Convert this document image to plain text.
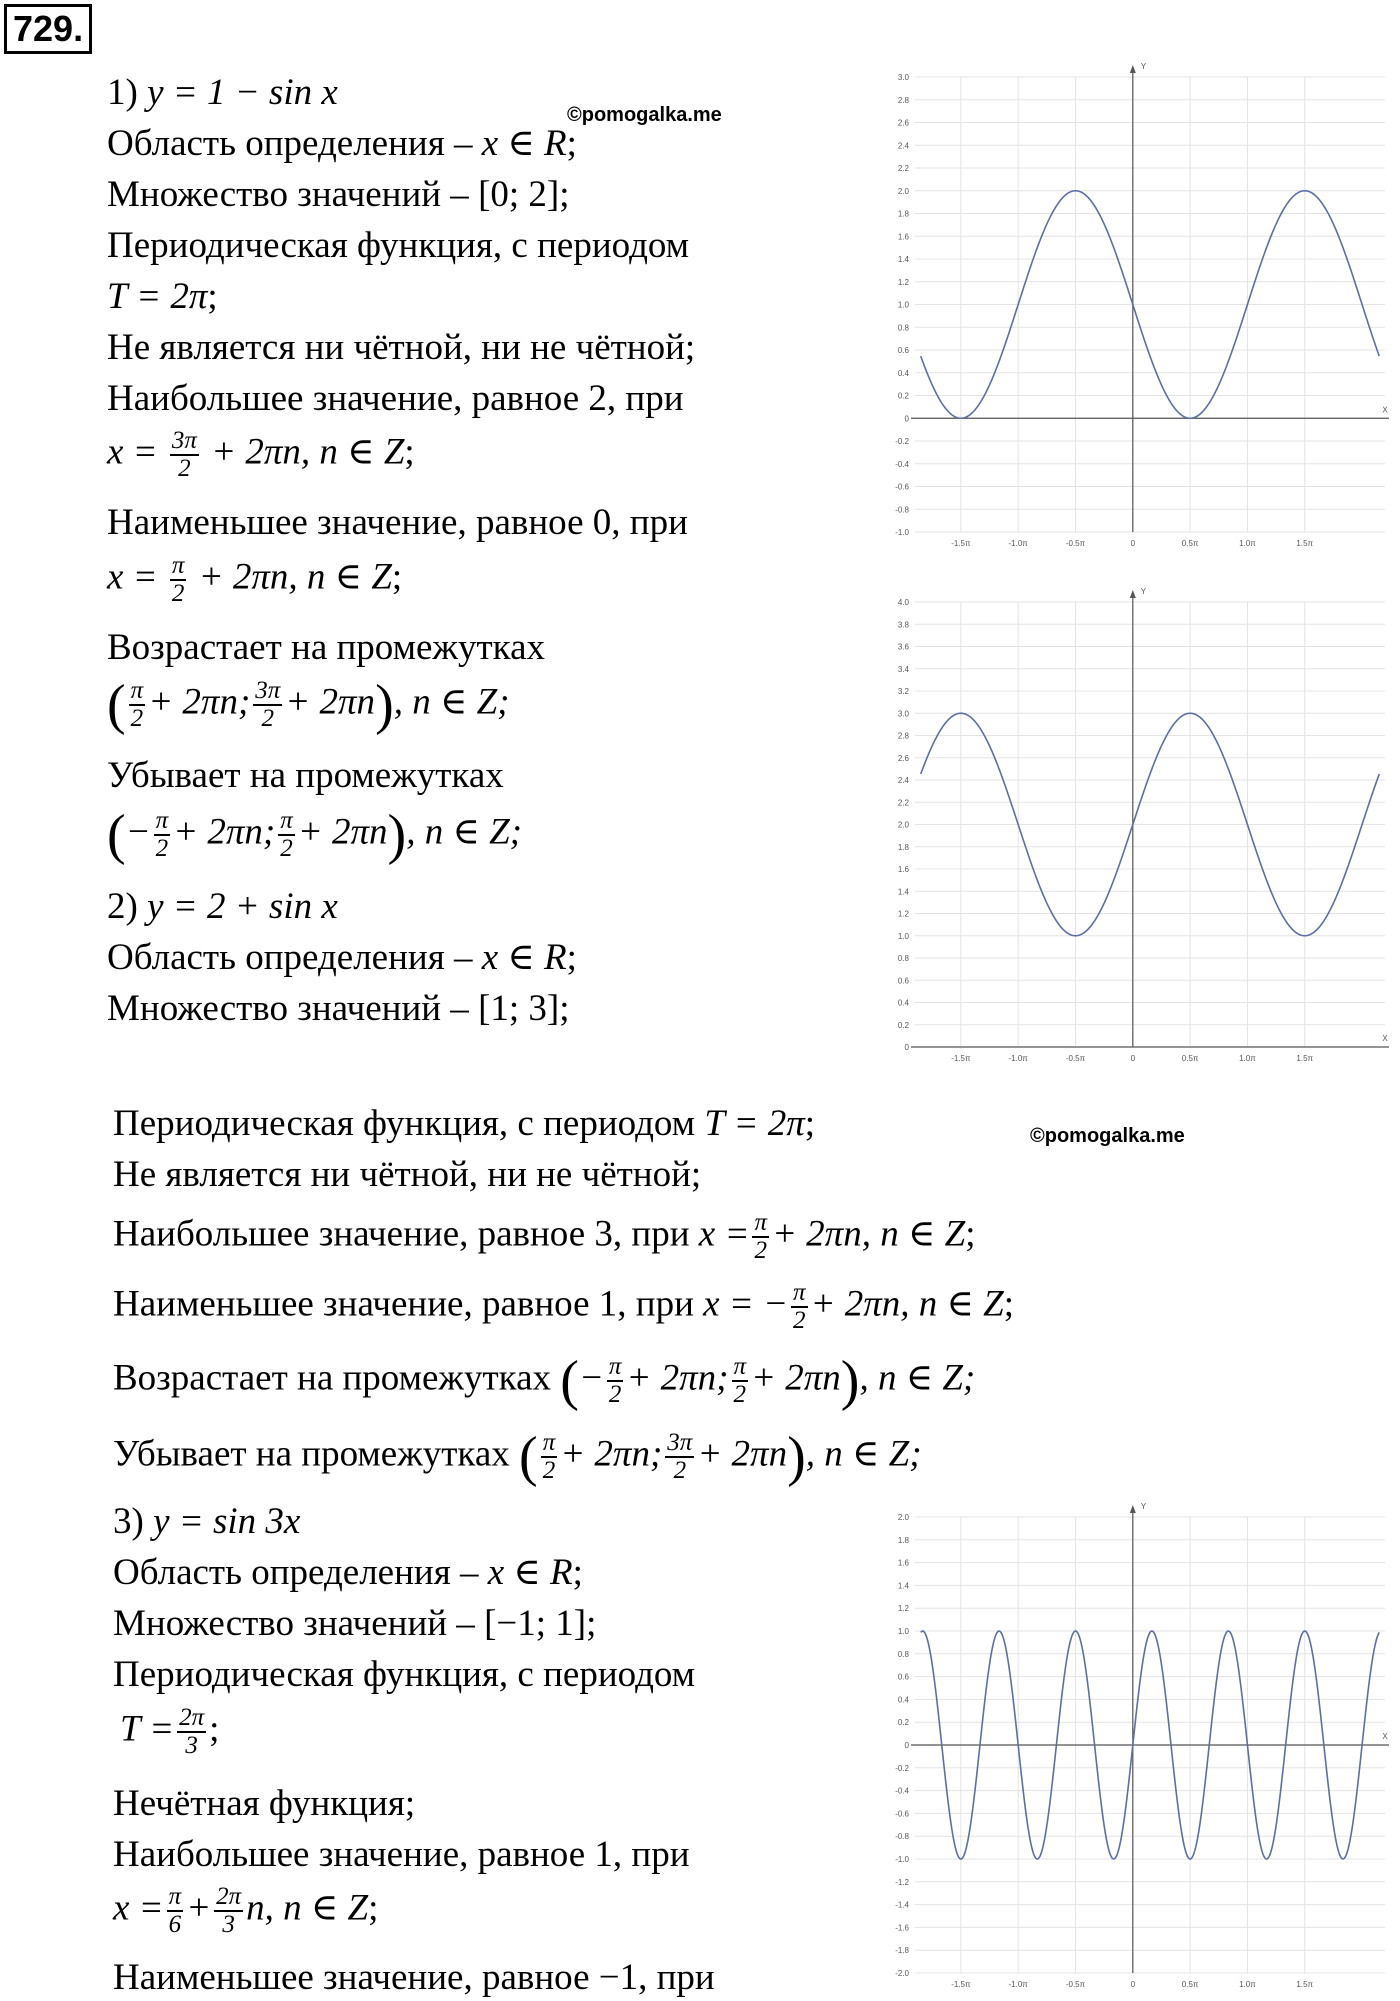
729.
©pomogalka.me
©pomogalka.me
1) y = 1 − sin x
Область определения – x ∈ R;
Множество значений – [0; 2];
Периодическая функция, с периодом
T = 2π;
Не является ни чётной, ни не чётной;
Наибольшее значение, равное 2, при
$x = \frac{3\pi}{2} + 2\pi n$, n ∈ Z;
Наименьшее значение, равное 0, при
$x = \frac{\pi}{2} + 2\pi n$, n ∈ Z;
Возрастает на промежутках
( $\frac{\pi}{2} + 2\pi n$; $\frac{3\pi}{2} + 2\pi n$), n ∈ Z;
Убывает на промежутках
(− $\frac{\pi}{2} + 2\pi n$; $\frac{\pi}{2} + 2\pi n$), n ∈ Z;
2) y = 2 + sin x
Область определения – x ∈ R;
Множество значений – [1; 3];
Периодическая функция, с периодом T = 2π;
Не является ни чётной, ни не чётной;
Наибольшее значение, равное 3, при $x = \frac{\pi}{2} + 2\pi n$, n ∈ Z;
Наименьшее значение, равное 1, при x = − $\frac{\pi}{2} + 2\pi n$, n ∈ Z;
Возрастает на промежутках (− $\frac{\pi}{2} + 2\pi n$; $\frac{\pi}{2} + 2\pi n$), n ∈ Z;
Убывает на промежутках ( $\frac{\pi}{2} + 2\pi n$; $\frac{3\pi}{2} + 2\pi n$), n ∈ Z;
3) y = sin 3x
Область определения – x ∈ R;
Множество значений – [−1; 1];
Периодическая функция, с периодом
$T = \frac{2\pi}{3}$ ;
Нечётная функция;
Наибольшее значение, равное 1, при
$x = \frac{\pi}{6} + \frac{2\pi}{3} n$, n ∈ Z;
Наименьшее значение, равное −1, при
3.0
2.8
2.6
2.4
2.2
2.0
1.8
1.6
1.4
1.2
1.0
0.8
0.6
0.4
0.2
0
-0.2
-0.4
-0.6
-0.8
-1.0
-1.5π	-1.0π	-0.5π	0	0.5π	1.0π	1.5π
X
Y
4.0
3.8
3.6
3.4
3.2
3.0
2.8
2.6
2.4
2.2
2.0
1.8
1.6
1.4
1.2
1.0
0.8
0.6
0.4
0.2
0
-1.5π	-1.0π	-0.5π	0	0.5π	1.0π	1.5π
X
Y
2.0
1.8
1.6
1.4
1.2
1.0
0.8
0.6
0.4
0.2
0
-0.2
-0.4
-0.6
-0.8
-1.0
-1.2
-1.4
-1.6
-1.8
-2.0
-1.5π	-1.0π	-0.5π	0	0.5π	1.0π	1.5π
X
Y
